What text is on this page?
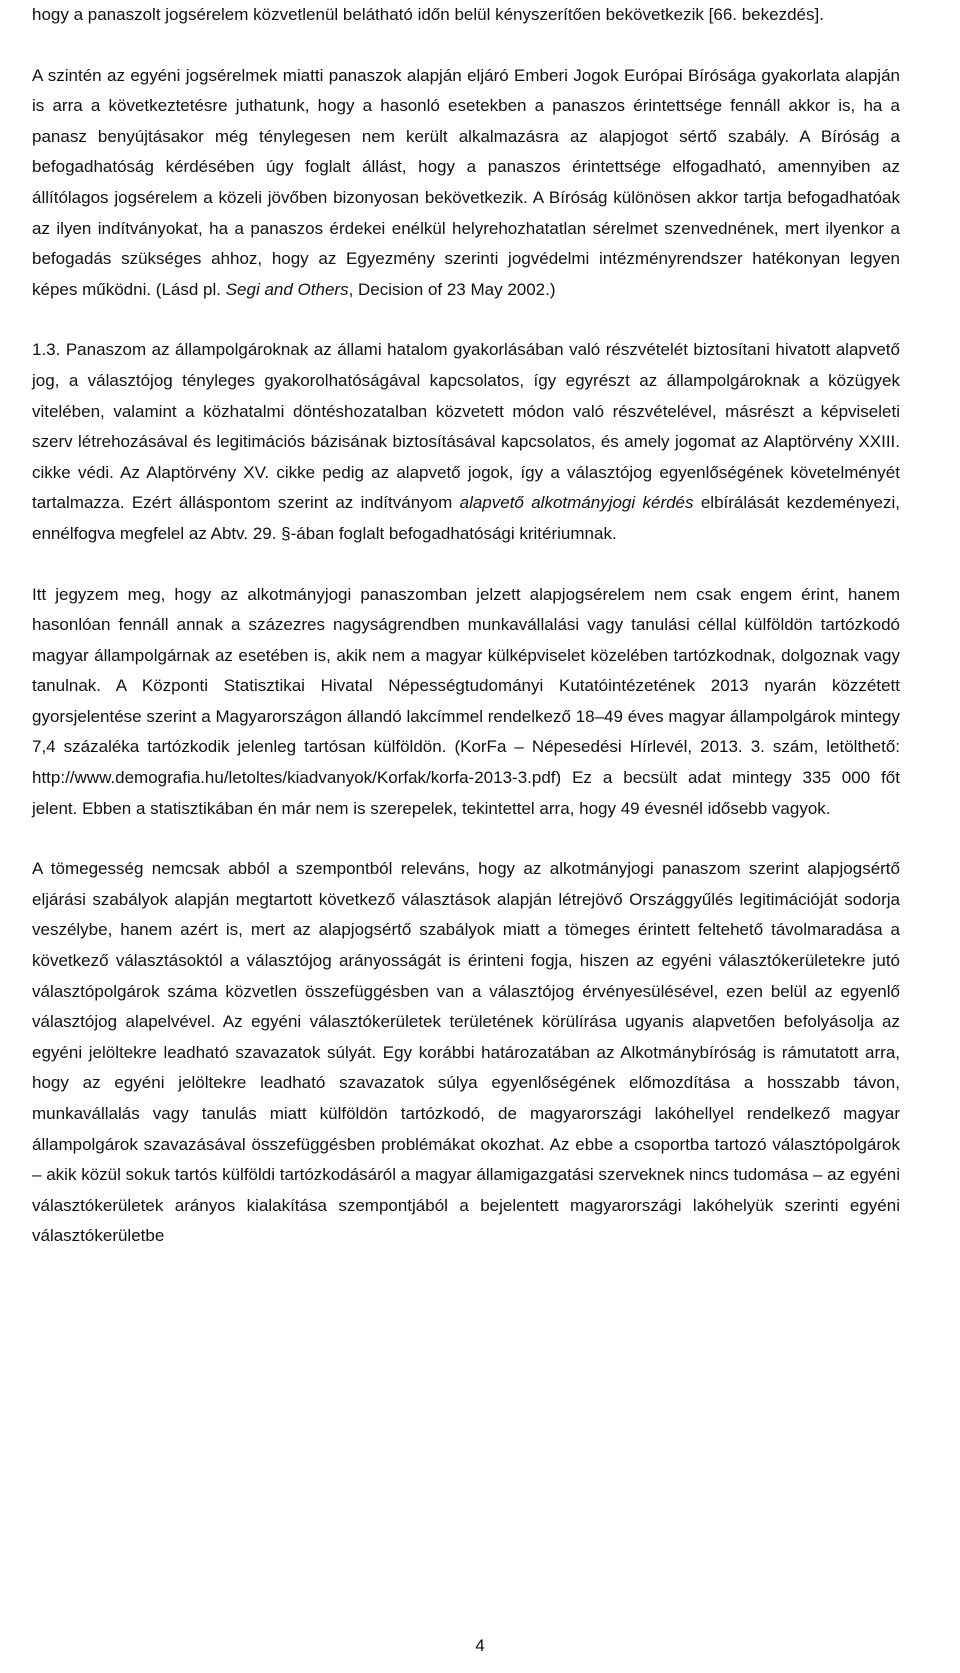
hogy a panaszolt jogsérelem közvetlenül belátható időn belül kényszerítően bekövetkezik [66. bekezdés].

A szintén az egyéni jogsérelmek miatti panaszok alapján eljáró Emberi Jogok Európai Bírósága gyakorlata alapján is arra a következtetésre juthatunk, hogy a hasonló esetekben a panaszos érintettsége fennáll akkor is, ha a panasz benyújtásakor még ténylegesen nem került alkalmazásra az alapjogot sértő szabály. A Bíróság a befogadhatóság kérdésében úgy foglalt állást, hogy a panaszos érintettsége elfogadható, amennyiben az állítólagos jogsérelem a közeli jövőben bizonyosan bekövetkezik. A Bíróság különösen akkor tartja befogadhatóak az ilyen indítványokat, ha a panaszos érdekei enélkül helyrehozhatatlan sérelmet szenvednének, mert ilyenkor a befogadás szükséges ahhoz, hogy az Egyezmény szerinti jogvédelmi intézményrendszer hatékonyan legyen képes működni. (Lásd pl. Segi and Others, Decision of 23 May 2002.)

1.3. Panaszom az állampolgároknak az állami hatalom gyakorlásában való részvételét biztosítani hivatott alapvető jog, a választójog tényleges gyakorolhatóságával kapcsolatos, így egyrészt az állampolgároknak a közügyek vitelében, valamint a közhatalmi döntéshozatalban közvetett módon való részvételével, másrészt a képviseleti szerv létrehozásával és legitimációs bázisának biztosításával kapcsolatos, és amely jogomat az Alaptörvény XXIII. cikke védi. Az Alaptörvény XV. cikke pedig az alapvető jogok, így a választójog egyenlőségének követelményét tartalmazza. Ezért álláspontom szerint az indítványom alapvető alkotmányjogi kérdés elbírálását kezdeményezi, ennélfogva megfelel az Abtv. 29. §-ában foglalt befogadhatósági kritériumnak.

Itt jegyzem meg, hogy az alkotmányjogi panaszomban jelzett alapjogsérelem nem csak engem érint, hanem hasonlóan fennáll annak a százezres nagyságrendben munkavállalási vagy tanulási céllal külföldön tartózkodó magyar állampolgárnak az esetében is, akik nem a magyar külképviselet közelében tartózkodnak, dolgoznak vagy tanulnak. A Központi Statisztikai Hivatal Népességtudományi Kutatóintézetének 2013 nyarán közzétett gyorsjelentése szerint a Magyarországon állandó lakcímmel rendelkező 18–49 éves magyar állampolgárok mintegy 7,4 százaléka tartózkodik jelenleg tartósan külföldön. (KorFa – Népesedési Hírlevél, 2013. 3. szám, letölthető: http://www.demografia.hu/letoltes/kiadvanyok/Korfak/korfa-2013-3.pdf) Ez a becsült adat mintegy 335 000 főt jelent. Ebben a statisztikában én már nem is szerepelek, tekintettel arra, hogy 49 évesnél idősebb vagyok.

A tömegesség nemcsak abból a szempontból releváns, hogy az alkotmányjogi panaszom szerint alapjogsértő eljárási szabályok alapján megtartott következő választások alapján létrejövő Országgyűlés legitimációját sodorja veszélybe, hanem azért is, mert az alapjogsértő szabályok miatt a tömeges érintett feltehető távolmaradása a következő választásoktól a választójog arányosságát is érinteni fogja, hiszen az egyéni választókerületekre jutó választópolgárok száma közvetlen összefüggésben van a választójog érvényesülésével, ezen belül az egyenlő választójog alapelvével. Az egyéni választókerületek területének körülírása ugyanis alapvetően befolyásolja az egyéni jelöltekre leadható szavazatok súlyát. Egy korábbi határozatában az Alkotmánybíróság is rámutatott arra, hogy az egyéni jelöltekre leadható szavazatok súlya egyenlőségének előmozdítása a hosszabb távon, munkavállalás vagy tanulás miatt külföldön tartózkodó, de magyarországi lakóhellyel rendelkező magyar állampolgárok szavazásával összefüggésben problémákat okozhat. Az ebbe a csoportba tartozó választópolgárok – akik közül sokuk tartós külföldi tartózkodásáról a magyar államigazgatási szerveknek nincs tudomása – az egyéni választókerületek arányos kialakítása szempontjából a bejelentett magyarországi lakóhelyük szerinti egyéni választókerületbe

4
